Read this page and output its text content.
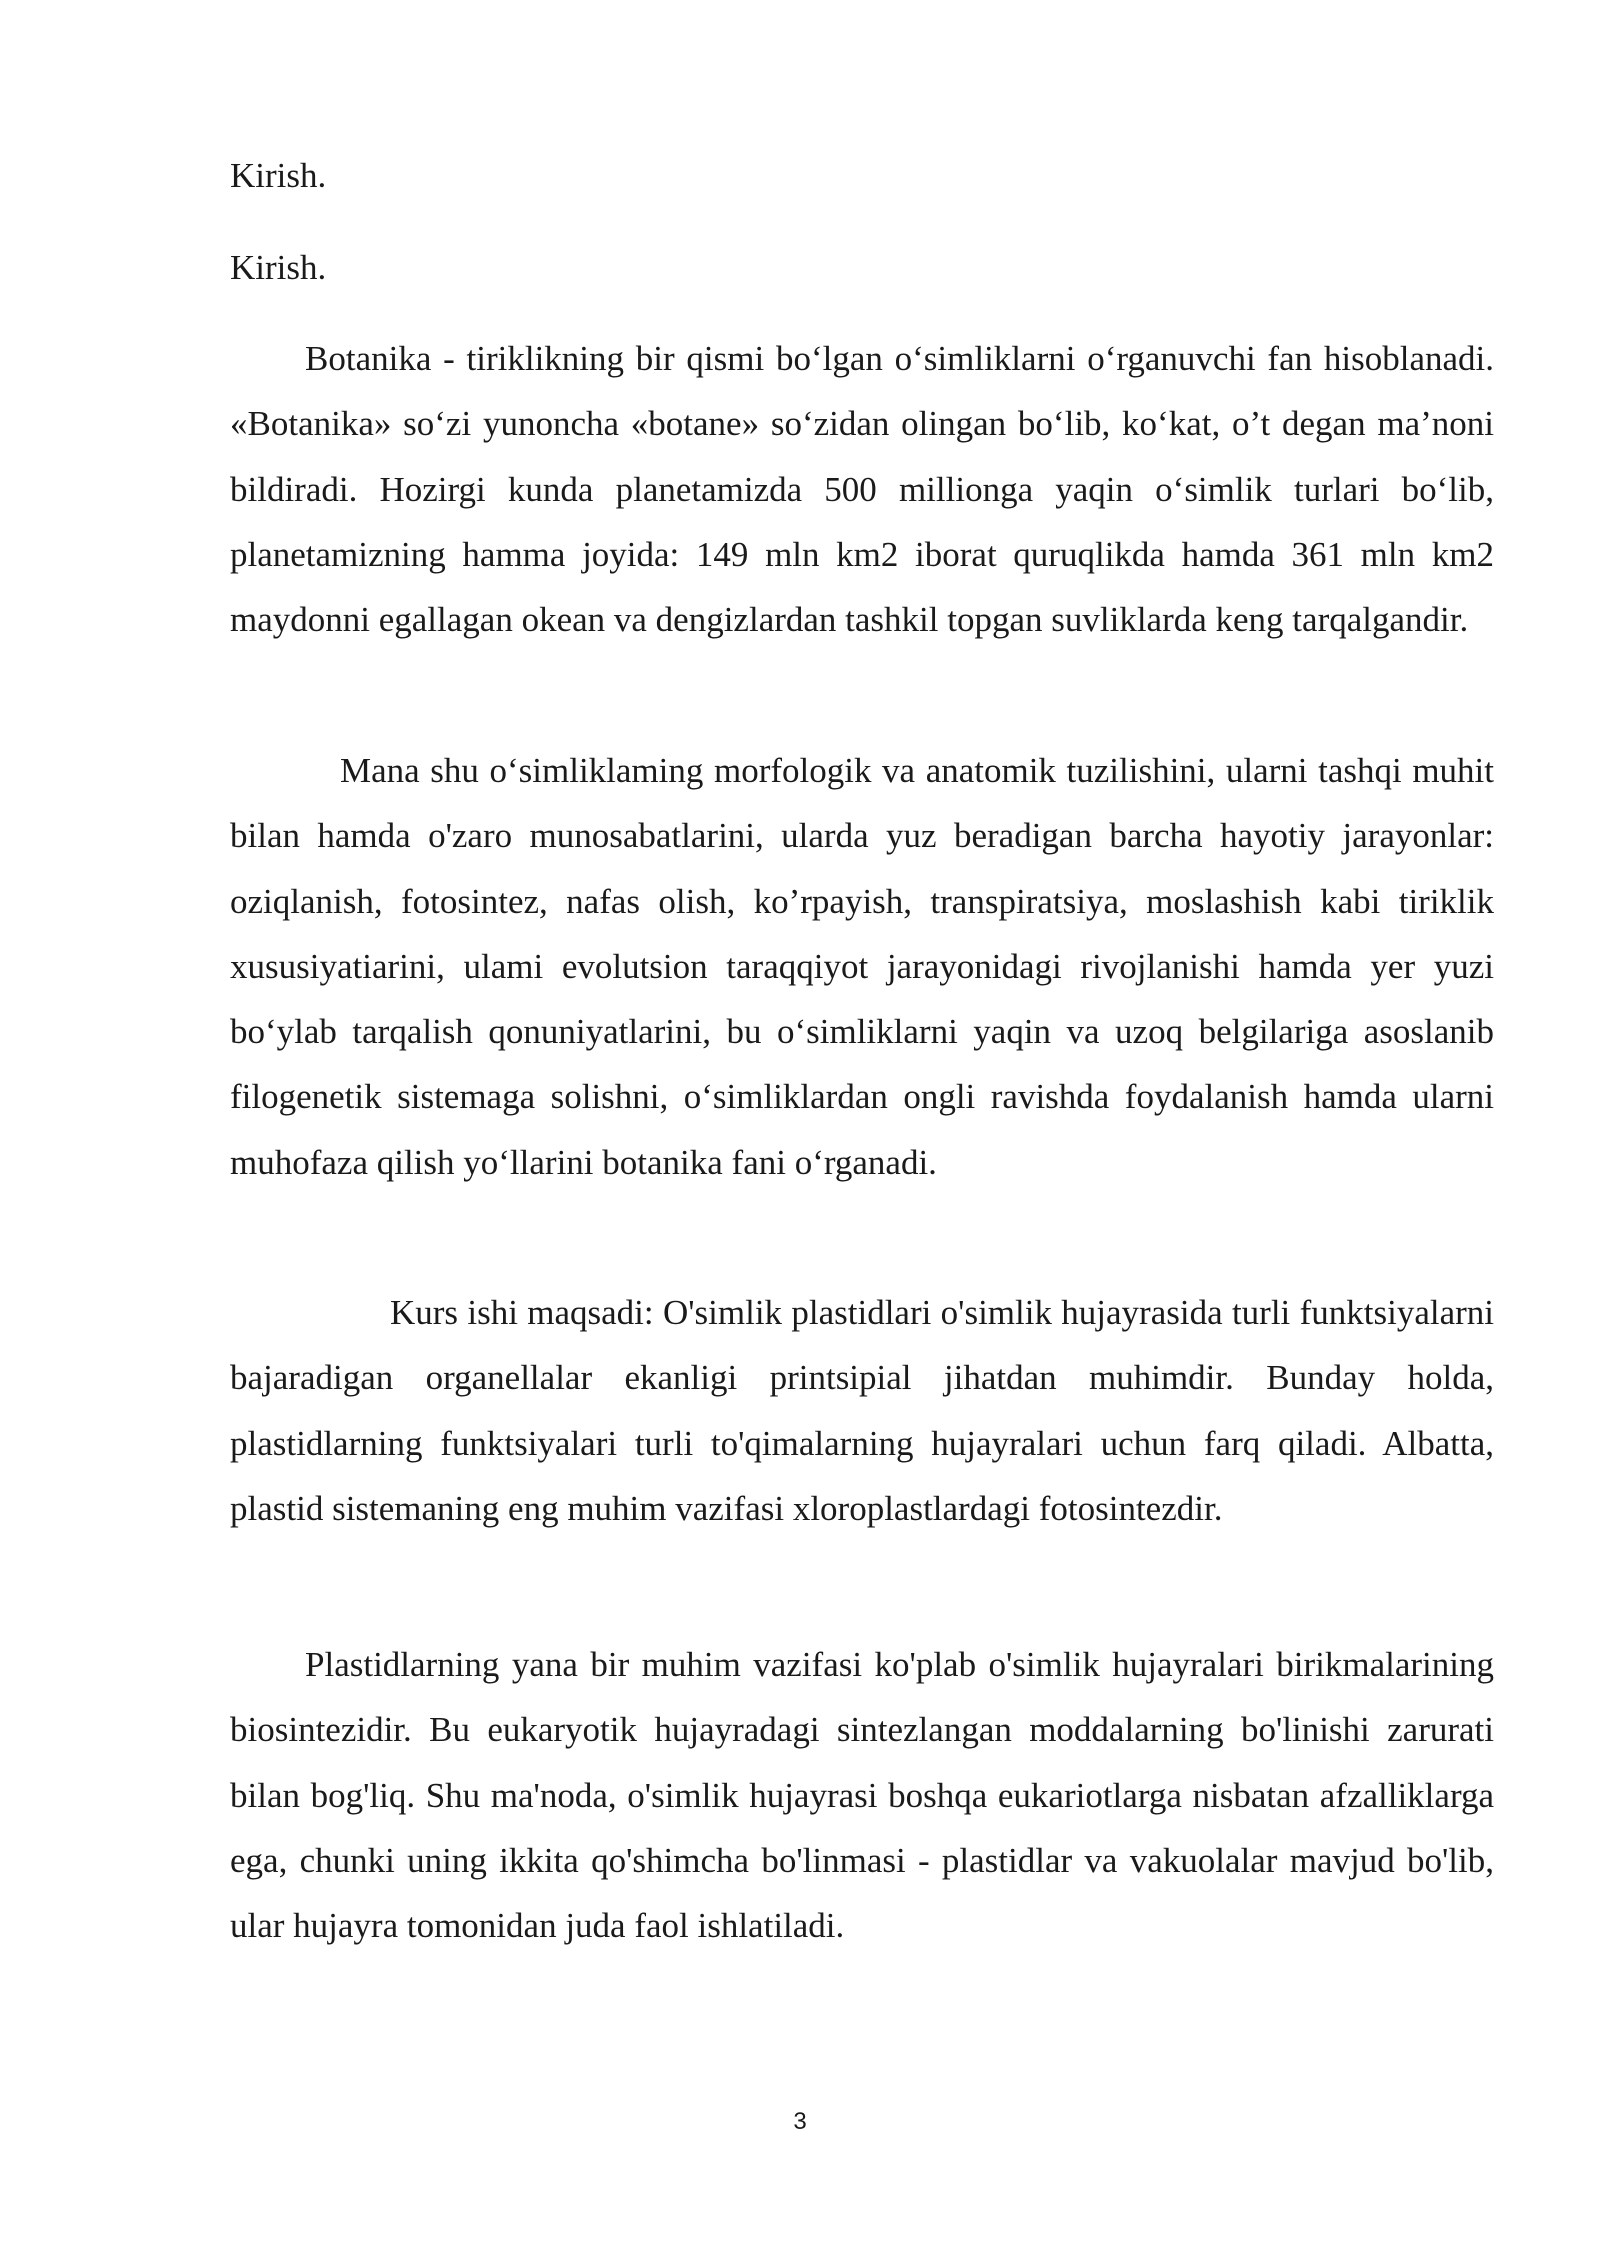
Kirish.

Kirish.

Botanika - tiriklikning bir qismi boʻlgan oʻsimliklarni oʻrganuvchi fan hisoblanadi. «Botanika» soʻzi yunoncha «botane» soʻzidan olingan boʻlib, koʻkat, o’t degan ma’noni bildiradi. Hozirgi kunda planetamizda 500 millionga yaqin oʻsimlik turlari boʻlib, planetamizning hamma joyida: 149 mln km2 iborat quruqlikda hamda 361 mln km2 maydonni egallagan okean va dengizlardan tashkil topgan suvliklarda keng tarqalgandir.

Mana shu oʻsimliklaming morfologik va anatomik tuzilishini, ularni tashqi muhit bilan hamda o'zaro munosabatlarini, ularda yuz beradigan barcha hayotiy jarayonlar: oziqlanish, fotosintez, nafas olish, ko’rpayish, transpiratsiya, moslashish kabi tiriklik xususiyatiarini, ulami evolutsion taraqqiyot jarayonidagi rivojlanishi hamda yer yuzi boʻylab tarqalish qonuniyatlarini, bu oʻsimliklarni yaqin va uzoq belgilariga asoslanib filogenetik sistemaga solishni, oʻsimliklardan ongli ravishda foydalanish hamda ularni muhofaza qilish yoʻllarini botanika fani oʻrganadi.

Kurs ishi maqsadi: O'simlik plastidlari o'simlik hujayrasida turli funktsiyalarni bajaradigan organellalar ekanligi printsipial jihatdan muhimdir. Bunday holda, plastidlarning funktsiyalari turli to'qimalarning hujayralari uchun farq qiladi. Albatta, plastid sistemaning eng muhim vazifasi xloroplastlardagi fotosintezdir.

Plastidlarning yana bir muhim vazifasi ko'plab o'simlik hujayralari birikmalarining biosintezidir. Bu eukaryotik hujayradagi sintezlangan moddalarning bo'linishi zarurati bilan bog'liq. Shu ma'noda, o'simlik hujayrasi boshqa eukariotlarga nisbatan afzalliklarga ega, chunki uning ikkita qo'shimcha bo'linmasi - plastidlar va vakuolalar mavjud bo'lib, ular hujayra tomonidan juda faol ishlatiladi.

3
